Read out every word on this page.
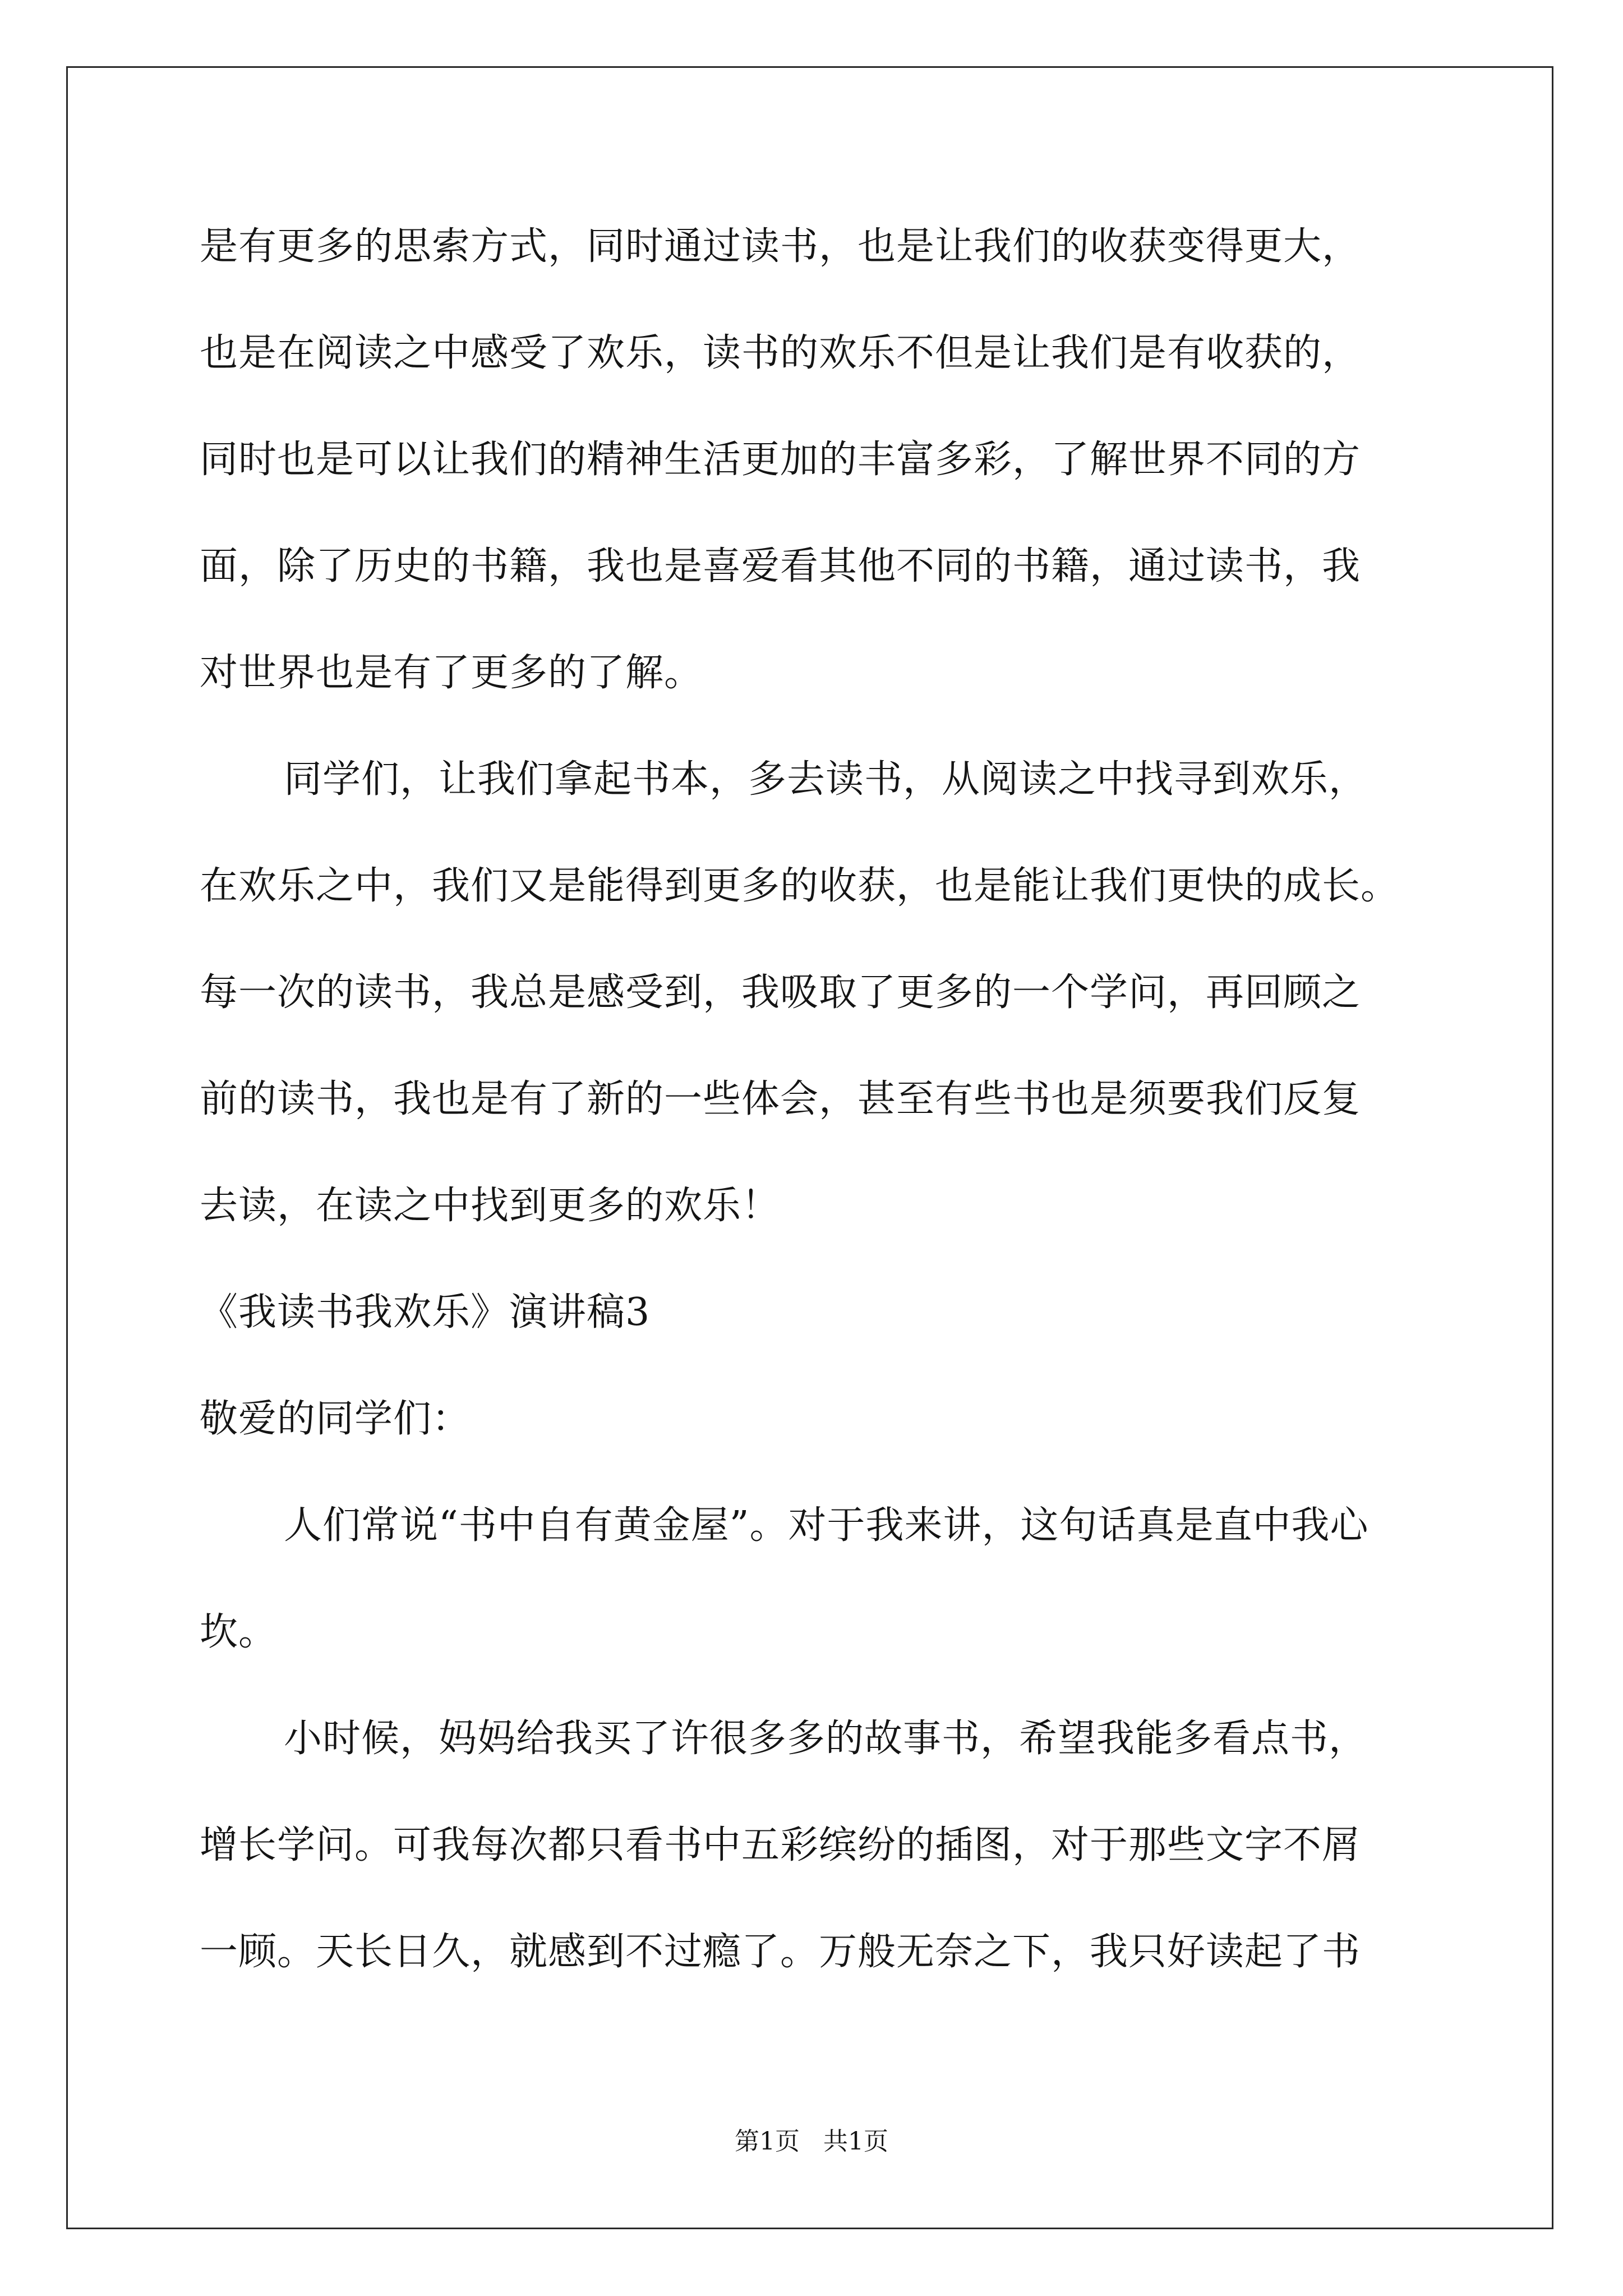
是有更多的思索方式，同时通过读书，也是让我们的收获变得更大，
也是在阅读之中感受了欢乐，读书的欢乐不但是让我们是有收获的，
同时也是可以让我们的精神生活更加的丰富多彩，了解世界不同的方
面，除了历史的书籍，我也是喜爱看其他不同的书籍，通过读书，我
对世界也是有了更多的了解。
同学们，让我们拿起书本，多去读书，从阅读之中找寻到欢乐，
在欢乐之中，我们又是能得到更多的收获，也是能让我们更快的成长。
每一次的读书，我总是感受到，我吸取了更多的一个学问，再回顾之
前的读书，我也是有了新的一些体会，甚至有些书也是须要我们反复
去读，在读之中找到更多的欢乐！
《我读书我欢乐》演讲稿3
敬爱的同学们：
人们常说“书中自有黄金屋”。对于我来讲，这句话真是直中我心
坎。
小时候，妈妈给我买了许很多多的故事书，希望我能多看点书，
增长学问。可我每次都只看书中五彩缤纷的插图，对于那些文字不屑
一顾。天长日久，就感到不过瘾了。万般无奈之下，我只好读起了书
第1页   共1页
